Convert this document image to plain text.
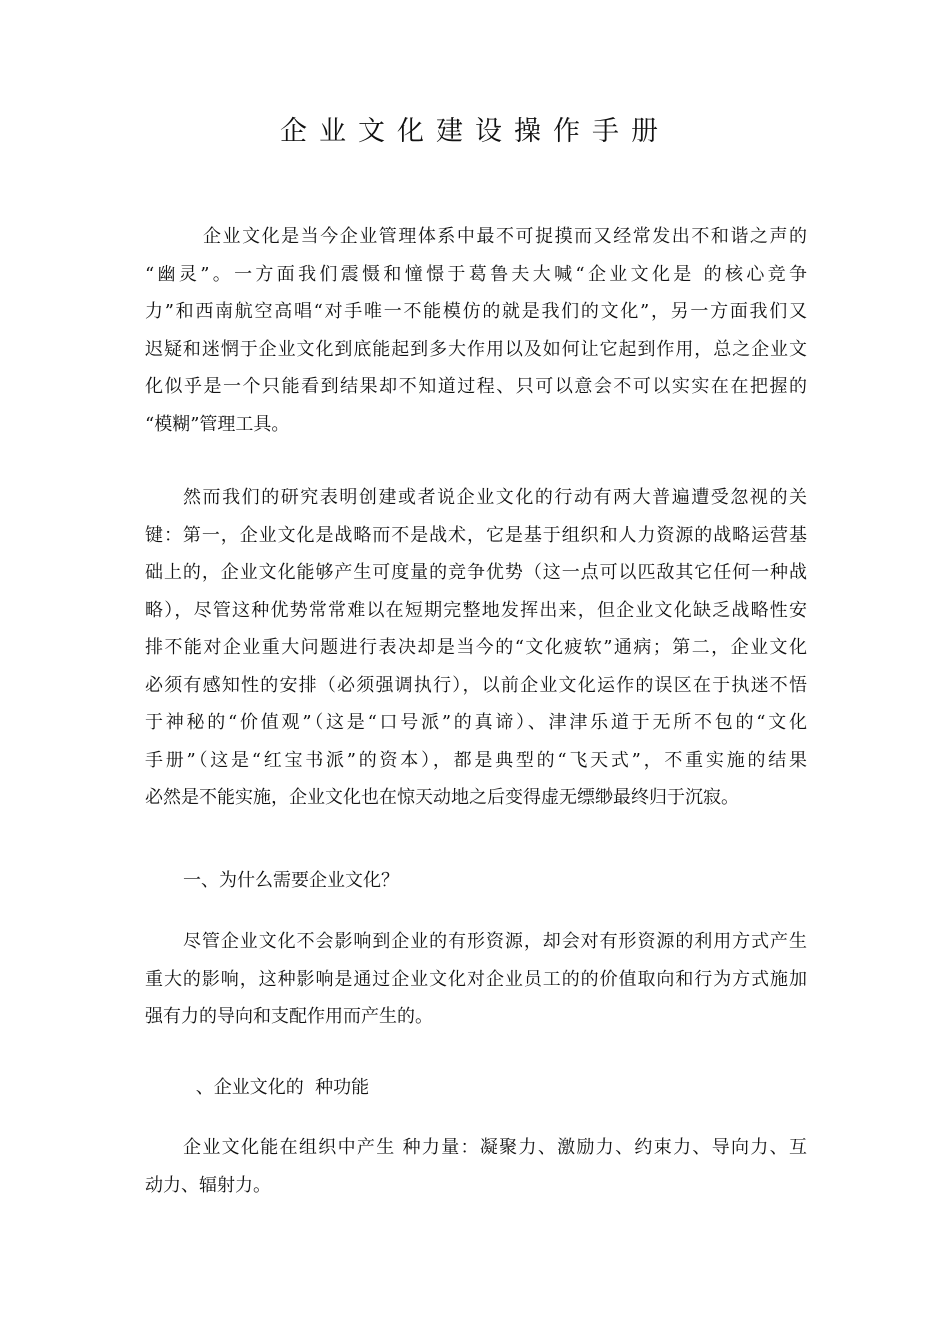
企业文化建设操作手册
企业文化是当今企业管理体系中最不可捉摸而又经常发出不和谐之声的
“幽灵”。一方面我们震慑和憧憬于葛鲁夫大喊“企业文化是 的核心竞争
力”和西南航空高唱“对手唯一不能模仿的就是我们的文化”，另一方面我们又
迟疑和迷惘于企业文化到底能起到多大作用以及如何让它起到作用，总之企业文
化似乎是一个只能看到结果却不知道过程、只可以意会不可以实实在在把握的
“模糊”管理工具。
然而我们的研究表明创建或者说企业文化的行动有两大普遍遭受忽视的关
键：第一，企业文化是战略而不是战术，它是基于组织和人力资源的战略运营基
础上的，企业文化能够产生可度量的竞争优势（这一点可以匹敌其它任何一种战
略），尽管这种优势常常难以在短期完整地发挥出来，但企业文化缺乏战略性安
排不能对企业重大问题进行表决却是当今的“文化疲软”通病；第二，企业文化
必须有感知性的安排（必须强调执行），以前企业文化运作的误区在于执迷不悟
于神秘的“价值观”（这是“口号派”的真谛）、津津乐道于无所不包的“文化
手册”（这是“红宝书派”的资本），都是典型的“飞天式”，不重实施的结果
必然是不能实施，企业文化也在惊天动地之后变得虚无缥缈最终归于沉寂。

一、为什么需要企业文化？

尽管企业文化不会影响到企业的有形资源，却会对有形资源的利用方式产生
重大的影响，这种影响是通过企业文化对企业员工的的价值取向和行为方式施加
强有力的导向和支配作用而产生的。

、企业文化的  种功能

企业文化能在组织中产生 种力量：凝聚力、激励力、约束力、导向力、互
动力、辐射力。
